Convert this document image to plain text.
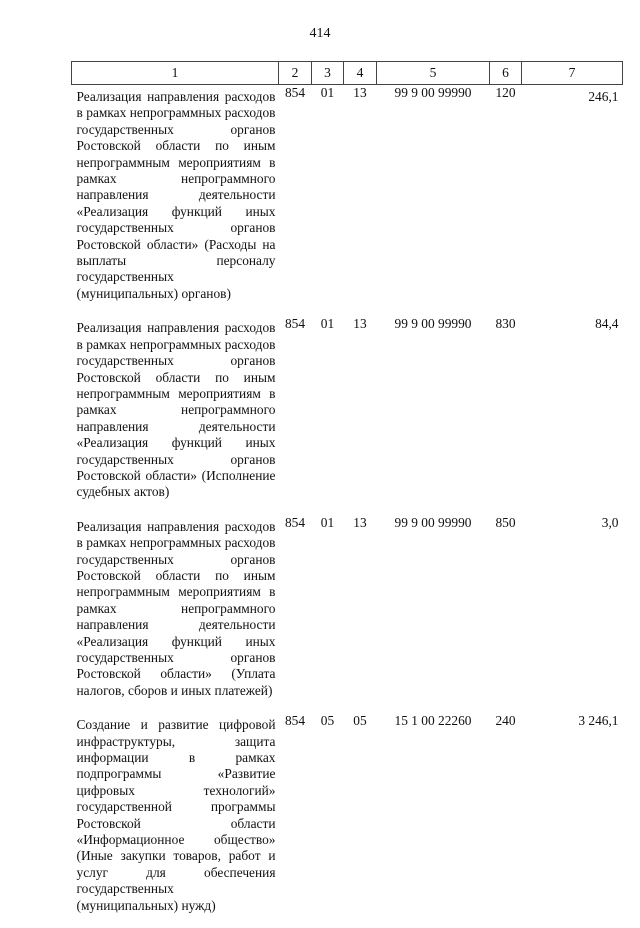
414
1	2	3	4	5	6	7
Реализация направления расходов в рамках непрограммных расходов государственных органов Ростовской области по иным непрограммным мероприятиям в рамках непрограммного направления деятельности «Реализация функций иных государственных органов Ростовской области» (Расходы на выплаты персоналу государственных (муниципальных) органов)	854	01	13	99 9 00 99990	120	246,1
Реализация направления расходов в рамках непрограммных расходов государственных органов Ростовской области по иным непрограммным мероприятиям в рамках непрограммного направления деятельности «Реализация функций иных государственных органов Ростовской области» (Исполнение судебных актов)	854	01	13	99 9 00 99990	830	84,4
Реализация направления расходов в рамках непрограммных расходов государственных органов Ростовской области по иным непрограммным мероприятиям в рамках непрограммного направления деятельности «Реализация функций иных государственных органов Ростовской области» (Уплата налогов, сборов и иных платежей)	854	01	13	99 9 00 99990	850	3,0
Создание и развитие цифровой инфраструктуры, защита информации в рамках подпрограммы «Развитие цифровых технологий» государственной программы Ростовской области «Информационное общество» (Иные закупки товаров, работ и услуг для обеспечения государственных (муниципальных) нужд)	854	05	05	15 1 00 22260	240	3 246,1
